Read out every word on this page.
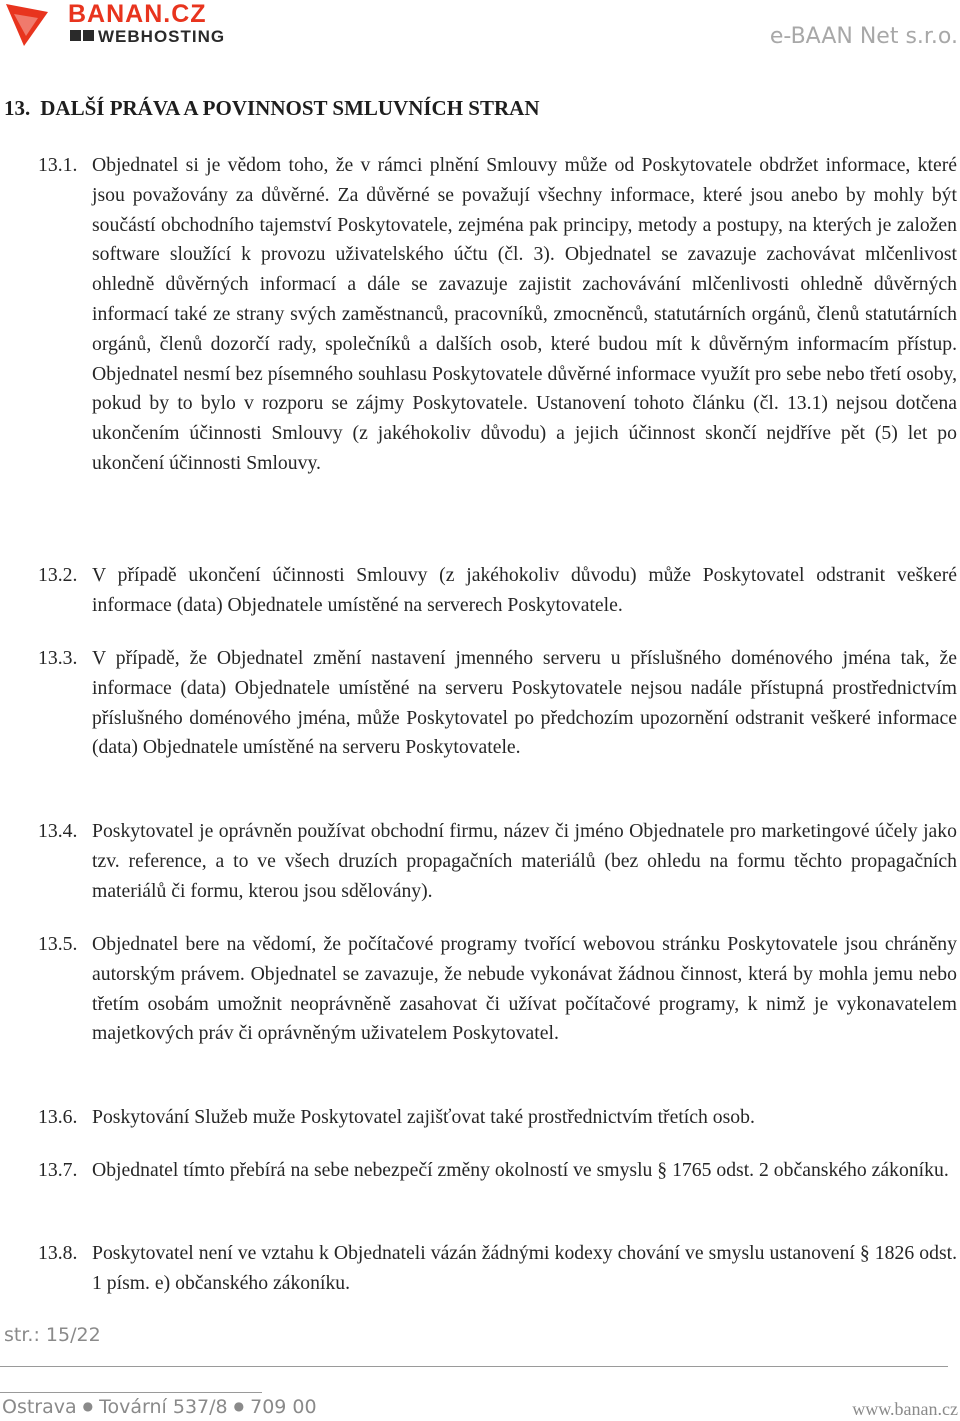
BANAN.CZ
WEBHOSTING	e-BAAN Net s.r.o.
13. DALŠÍ PRÁVA A POVINNOST SMLUVNÍCH STRAN
13.1. Objednatel si je vědom toho, že v rámci plnění Smlouvy může od Poskytovatele obdržet informace, které jsou považovány za důvěrné. Za důvěrné se považují všechny informace, které jsou anebo by mohly být součástí obchodního tajemství Poskytovatele, zejména pak principy, metody a postupy, na kterých je založen software sloužící k provozu uživatelského účtu (čl. 3). Objednatel se zavazuje zachovávat mlčenlivost ohledně důvěrných informací a dále se zavazuje zajistit zachovávání mlčenlivosti ohledně důvěrných informací také ze strany svých zaměstnanců, pracovníků, zmocněnců, statutárních orgánů, členů statutárních orgánů, členů dozorčí rady, společníků a dalších osob, které budou mít k důvěrným informacím přístup. Objednatel nesmí bez písemného souhlasu Poskytovatele důvěrné informace využít pro sebe nebo třetí osoby, pokud by to bylo v rozporu se zájmy Poskytovatele. Ustanovení tohoto článku (čl. 13.1) nejsou dotčena ukončením účinnosti Smlouvy (z jakéhokoliv důvodu) a jejich účinnost skončí nejdříve pět (5) let po ukončení účinnosti Smlouvy.
13.2. V případě ukončení účinnosti Smlouvy (z jakéhokoliv důvodu) může Poskytovatel odstranit veškeré informace (data) Objednatele umístěné na serverech Poskytovatele.
13.3. V případě, že Objednatel změní nastavení jmenného serveru u příslušného doménového jména tak, že informace (data) Objednatele umístěné na serveru Poskytovatele nejsou nadále přístupná prostřednictvím příslušného doménového jména, může Poskytovatel po předchozím upozornění odstranit veškeré informace (data) Objednatele umístěné na serveru Poskytovatele.
13.4. Poskytovatel je oprávněn používat obchodní firmu, název či jméno Objednatele pro marketingové účely jako tzv. reference, a to ve všech druzích propagačních materiálů (bez ohledu na formu těchto propagačních materiálů či formu, kterou jsou sdělovány).
13.5. Objednatel bere na vědomí, že počítačové programy tvořící webovou stránku Poskytovatele jsou chráněny autorským právem. Objednatel se zavazuje, že nebude vykonávat žádnou činnost, která by mohla jemu nebo třetím osobám umožnit neoprávněně zasahovat či užívat počítačové programy, k nimž je vykonavatelem majetkových práv či oprávněným uživatelem Poskytovatel.
13.6. Poskytování Služeb muže Poskytovatel zajišťovat také prostřednictvím třetích osob.
13.7. Objednatel tímto přebírá na sebe nebezpečí změny okolností ve smyslu § 1765 odst. 2 občanského zákoníku.
13.8. Poskytovatel není ve vztahu k Objednateli vázán žádnými kodexy chování ve smyslu ustanovení § 1826 odst. 1 písm. e) občanského zákoníku.
str.: 15/22
Ostrava ● Tovární 537/8 ● 709 00	www.banan.cz
